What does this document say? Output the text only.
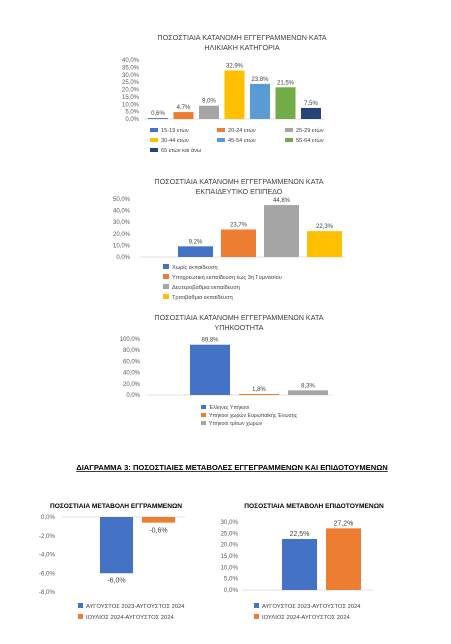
ΔΙΑΓΡΑΜΜΑ 3: ΠΟΣΟΣΤΙΑΙΕΣ ΜΕΤΑΒΟΛΕΣ ΕΓΓΕΓΡΑΜΜΕΝΩΝ ΚΑΙ ΕΠΙΔΟΤΟΥΜΕΝΩΝ
ΠΟΣΟΣΤΙΑΙΑ ΚΑΤΑΝΟΜΗ ΕΓΓΕΓΡΑΜΜΕΝΩΝ ΚΑΤΑ
ΗΛΙΚΙΑΚΗ ΚΑΤΗΓΟΡΙΑ
0,0%
5,0%
10,0%
15,0%
20,0%
25,0%
30,0%
35,0%
40,0%
0,6%
4,7%
9,0%
32,9%
23,8%
21,5%
7,5%
15-19 ετών	20-24 ετών	25-29 ετών
30-44 ετών	45-54 ετών	55-64 ετών
65 ετών και άνω
ΠΟΣΟΣΤΙΑΙΑ ΚΑΤΑΝΟΜΗ ΕΓΓΕΓΡΑΜΜΕΝΩΝ ΚΑΤΑ
ΕΚΠΑΙΔΕΥΤΙΚΟ ΕΠΙΠΕΔΟ
0,0%
10,0%
20,0%
30,0%
40,0%
50,0%
9,2%
23,7%
44,8%
22,3%
Χωρίς εκπαίδευση
Υποχρεωτική εκπαίδευση έως 3η Γυμνασίου
Δευτεροβάθμια εκπαίδευση
Τριτοβάθμια εκπαίδευση
ΠΟΣΟΣΤΙΑΙΑ ΚΑΤΑΝΟΜΗ ΕΓΓΕΓΡΑΜΜΕΝΩΝ ΚΑΤΑ
ΥΠΗΚΟΟΤΗΤΑ
0,0%
20,0%
40,0%
60,0%
80,0%
100,0%	89,8%
1,8%
8,3%
Έλληνες Υπήκοοι
Υπήκοοι χωρών Ευρωπαϊκής Ένωσης
Υπήκοοι τρίτων χωρών
ΠΟΣΟΣΤΙΑΙΑ ΜΕΤΑΒΟΛΗ ΕΓΓΡΑΜΜΕΝΩΝ
-8,0%
-6,0%
-4,0%
-2,0%
0,0%
-6,0%
-0,6%
ΑΥΓΟΥΣΤΟΣ 2023-ΑΥΓΟΥΣΤΟΣ 2024
ΙΟΥΛΙΟΣ 2024-ΑΥΓΟΥΣΤΟΣ 2024
ΠΟΣΟΣΤΙΑΙΑ ΜΕΤΑΒΟΛΗ ΕΠΙΔΟΤΟΥΜΕΝΩΝ
0,0%
5,0%
10,0%
15,0%
20,0%
25,0%
30,0%
22,5%
27,2%
ΑΥΓΟΥΣΤΟΣ 2023-ΑΥΓΟΥΣΤΟΣ 2024
ΙΟΥΛΙΟΣ 2024-ΑΥΓΟΥΣΤΟΣ 2024
